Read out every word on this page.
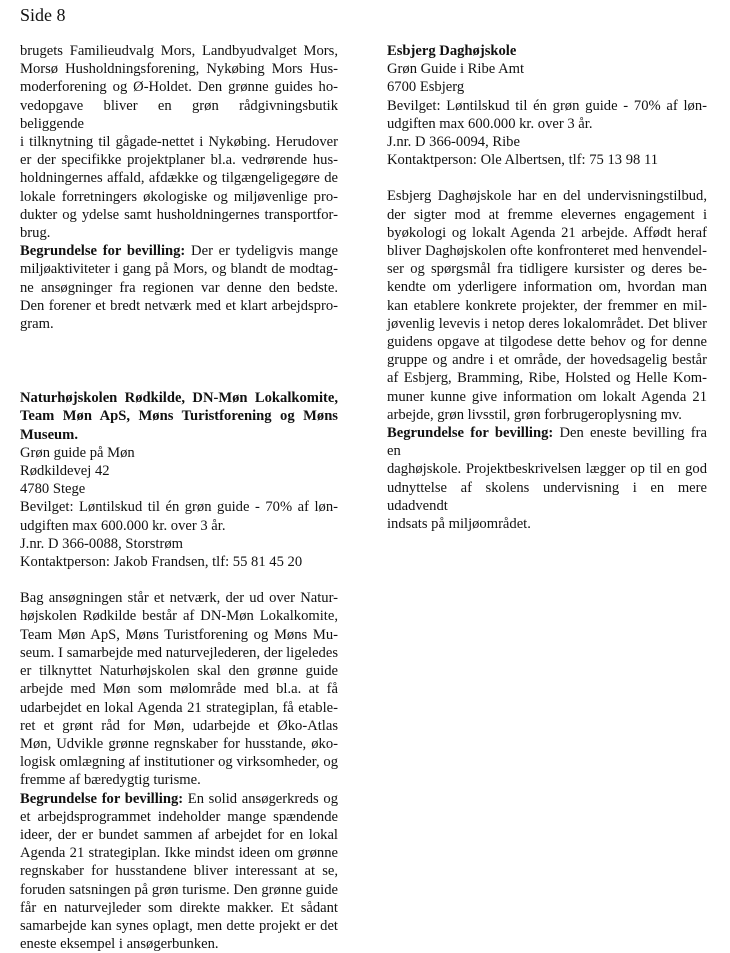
Side 8
brugets Familieudvalg Mors, Landbyudvalget Mors,
Morsø Husholdningsforening, Nykøbing Mors Hus-
moderforening og Ø-Holdet. Den grønne guides ho-
vedopgave bliver en grøn rådgivningsbutik beliggende
i tilknytning til gågade-nettet i Nykøbing. Herudover
er der specifikke projektplaner bl.a. vedrørende hus-
holdningernes affald, afdække og tilgængeligegøre de
lokale forretningers økologiske og miljøvenlige pro-
dukter og ydelse samt husholdningernes transportfor-
brug.
Begrundelse for bevilling: Der er tydeligvis mange
miljøaktiviteter i gang på Mors, og blandt de modtag-
ne ansøgninger fra regionen var denne den bedste.
Den forener et bredt netværk med et klart arbejdspro-
gram.
Naturhøjskolen Rødkilde, DN-Møn Lokalkomite,
Team Møn ApS, Møns Turistforening og Møns
Museum.
Grøn guide på Møn
Rødkildevej 42
4780 Stege
Bevilget: Løntilskud til én grøn guide - 70% af løn-
udgiften max 600.000 kr. over 3 år.
J.nr. D 366-0088, Storstrøm
Kontaktperson: Jakob Frandsen, tlf: 55 81 45 20
Bag ansøgningen står et netværk, der ud over Natur-
højskolen Rødkilde består af DN-Møn Lokalkomite,
Team Møn ApS, Møns Turistforening og Møns Mu-
seum. I samarbejde med naturvejlederen, der ligeledes
er tilknyttet Naturhøjskolen skal den grønne guide
arbejde med Møn som mølområde med bl.a. at få
udarbejdet en lokal Agenda 21 strategiplan, få etable-
ret et grønt råd for Møn, udarbejde et Øko-Atlas
Møn, Udvikle grønne regnskaber for husstande, øko-
logisk omlægning af institutioner og virksomheder, og
fremme af bæredygtig turisme.
Begrundelse for bevilling: En solid ansøgerkreds og
et arbejdsprogrammet indeholder mange spændende
ideer, der er bundet sammen af arbejdet for en lokal
Agenda 21 strategiplan. Ikke mindst ideen om grønne
regnskaber for husstandene bliver interessant at se,
foruden satsningen på grøn turisme. Den grønne guide
får en naturvejleder som direkte makker. Et sådant
samarbejde kan synes oplagt, men dette projekt er det
eneste eksempel i ansøgerbunken.
Esbjerg Daghøjskole
Grøn Guide i Ribe Amt
6700 Esbjerg
Bevilget: Løntilskud til én grøn guide - 70% af løn-
udgiften max 600.000 kr. over 3 år.
J.nr. D 366-0094, Ribe
Kontaktperson: Ole Albertsen, tlf: 75 13 98 11
Esbjerg Daghøjskole har en del undervisningstilbud,
der sigter mod at fremme elevernes engagement i
byøkologi og lokalt Agenda 21 arbejde. Affødt heraf
bliver Daghøjskolen ofte konfronteret med henvendel-
ser og spørgsmål fra tidligere kursister og deres be-
kendte om yderligere information om, hvordan man
kan etablere konkrete projekter, der fremmer en mil-
jøvenlig levevis i netop deres lokalområdet. Det bliver
guidens opgave at tilgodese dette behov og for denne
gruppe og andre i et område, der hovedsagelig består
af Esbjerg, Bramming, Ribe, Holsted og Helle Kom-
muner kunne give information om lokalt Agenda 21
arbejde, grøn livsstil, grøn forbrugeroplysning mv.
Begrundelse for bevilling: Den eneste bevilling fra en
daghøjskole. Projektbeskrivelsen lægger op til en god
udnyttelse af skolens undervisning i en mere udadvendt
indsats på miljøområdet.
